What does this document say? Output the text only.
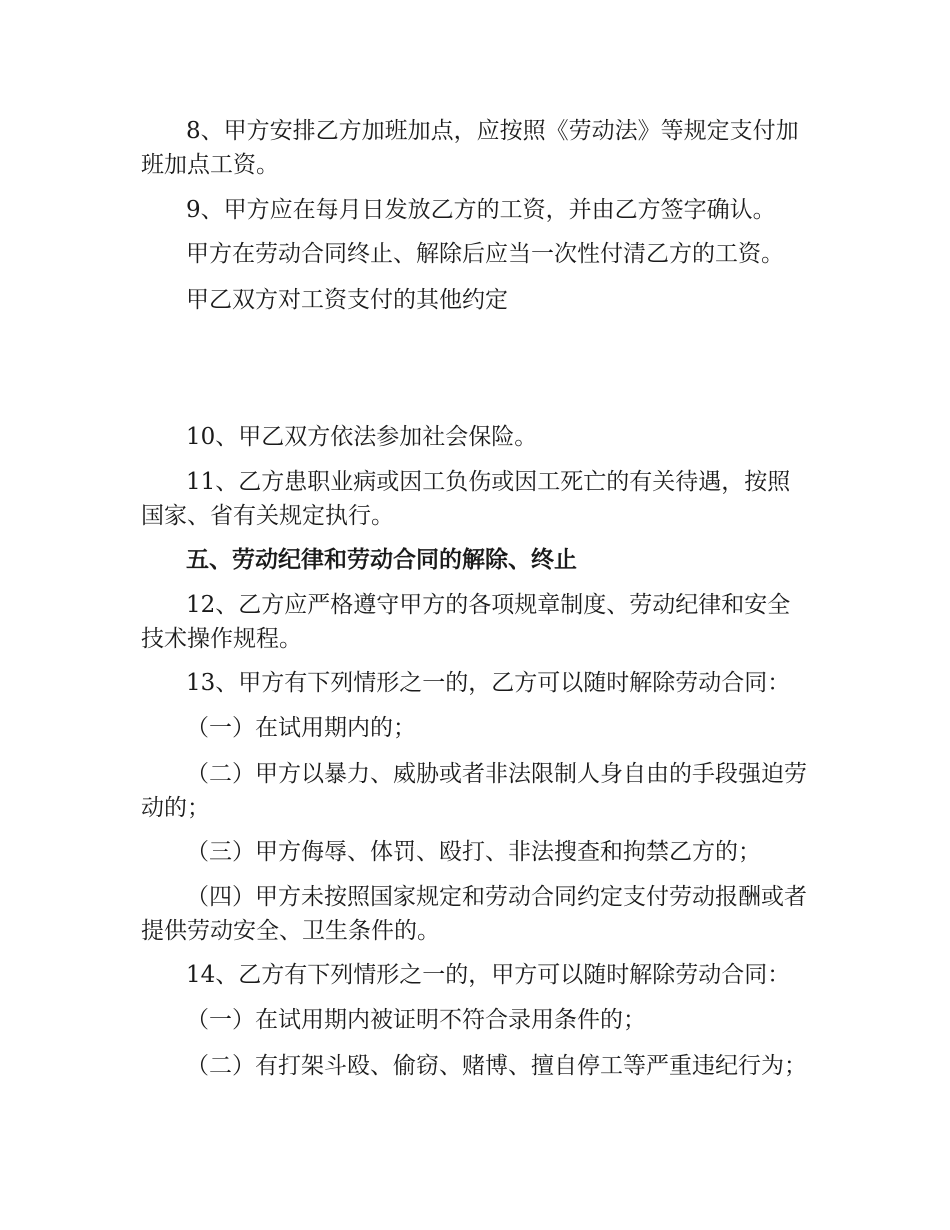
8、甲方安排乙方加班加点，应按照《劳动法》等规定支付加班加点工资。

9、甲方应在每月日发放乙方的工资，并由乙方签字确认。

甲方在劳动合同终止、解除后应当一次性付清乙方的工资。

甲乙双方对工资支付的其他约定

10、甲乙双方依法参加社会保险。

11、乙方患职业病或因工负伤或因工死亡的有关待遇，按照国家、省有关规定执行。

五、劳动纪律和劳动合同的解除、终止

12、乙方应严格遵守甲方的各项规章制度、劳动纪律和安全技术操作规程。

13、甲方有下列情形之一的，乙方可以随时解除劳动合同：

（一）在试用期内的；

（二）甲方以暴力、威胁或者非法限制人身自由的手段强迫劳动的；

（三）甲方侮辱、体罚、殴打、非法搜查和拘禁乙方的；

（四）甲方未按照国家规定和劳动合同约定支付劳动报酬或者提供劳动安全、卫生条件的。

14、乙方有下列情形之一的，甲方可以随时解除劳动合同：

（一）在试用期内被证明不符合录用条件的；

（二）有打架斗殴、偷窃、赌博、擅自停工等严重违纪行为；
